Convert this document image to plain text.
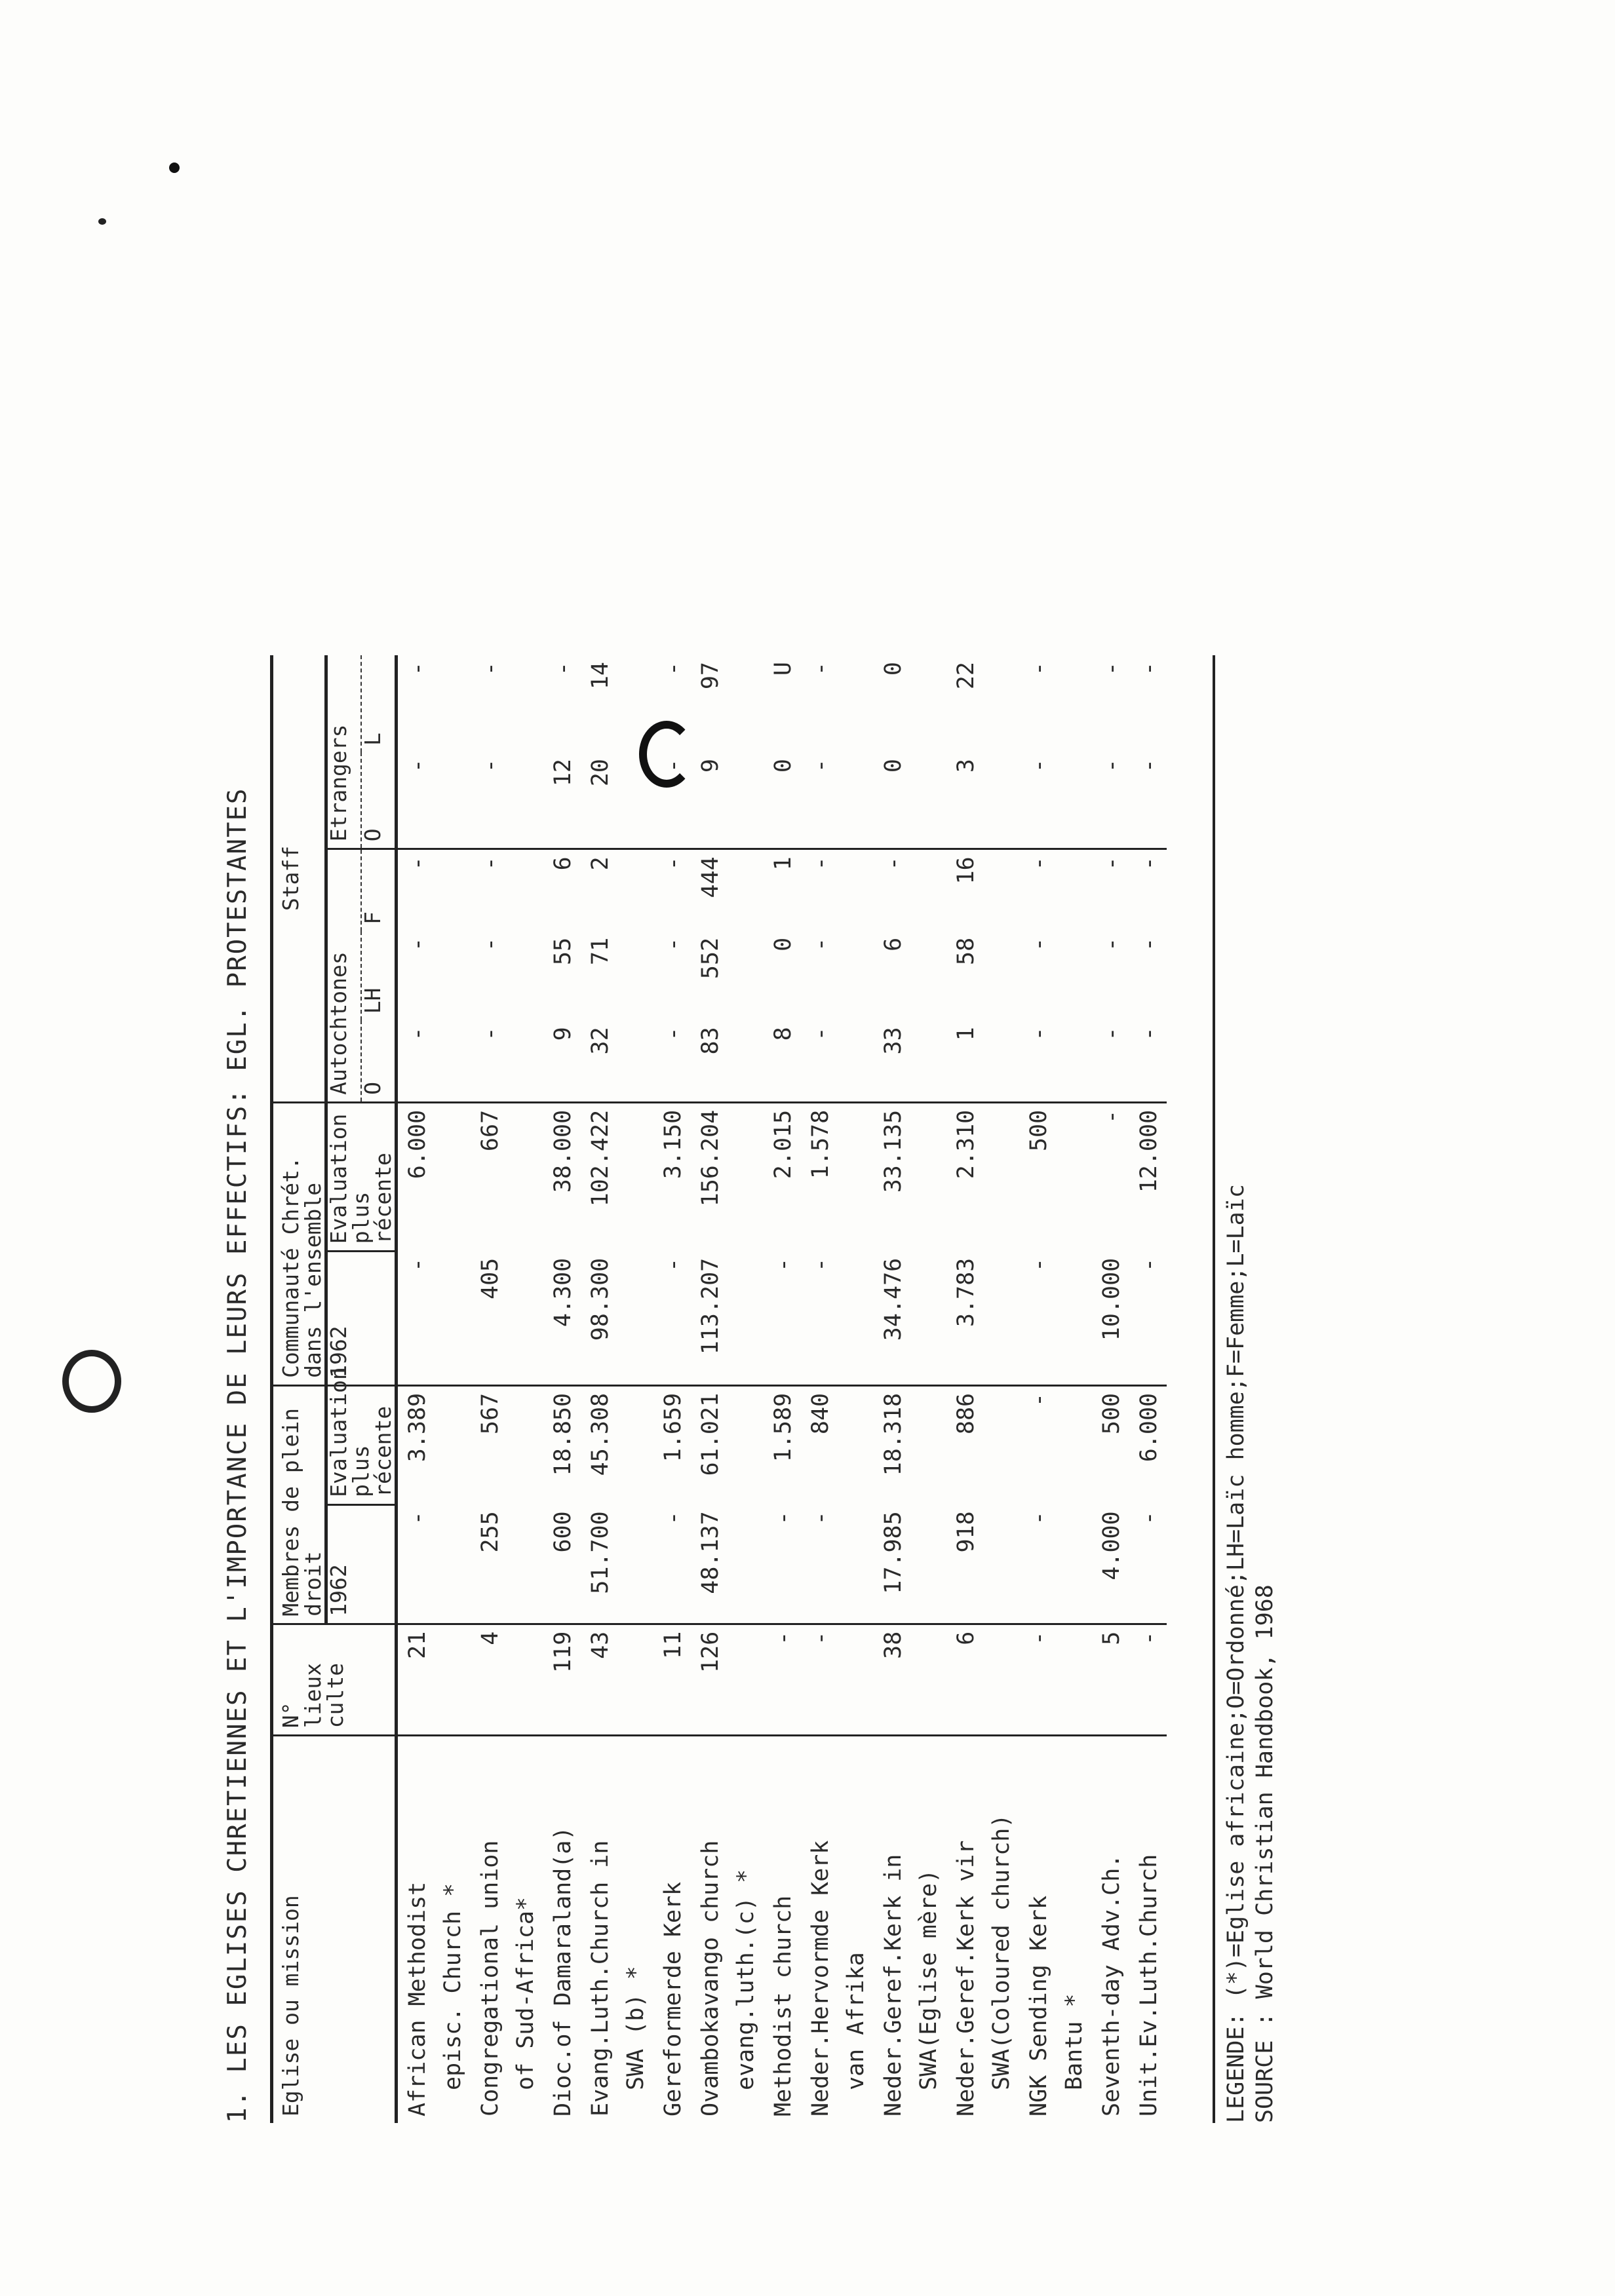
1. LES EGLISES CHRETIENNES ET L'IMPORTANCE DE LEURS EFFECTIFS: EGL. PROTESTANTES Eglise ou mission	N° lieux culte	Membres de plein droit		Communauté Chrét. dans l'ensemble		Staff				
		1962	Evaluation plus récente	1962	Evaluation plus récente	Autochtones			Etrangers	
						O	LH	F	O	L

African Methodist episc. Church *	21	-	3.389	-	6.000	-	-	-	-	-

Congregational union of Sud-Africa*	4	255	567	405	667	-	-	-	-	-

Dioc.of Damaraland(a)	119	600	18.850	4.300	38.000	9	55	6	12	-

Evang.Luth.Church in SWA (b) *	43	51.700	45.308	98.300	102.422	32	71	2	20	14

Gereformerde Kerk	11	-	1.659	-	3.150	-	-	-	-	-

Ovambokavango church evang.luth.(c) *	126	48.137	61.021	113.207	156.204	83	552	444	9	97

Methodist church	-	-	1.589	-	2.015	8	0	1	0	U

Neder.Hervormde Kerk van Afrika	-	-	840	-	1.578	-	-	-	-	-

Neder.Geref.Kerk in SWA(Eglise mère)	38	17.985	18.318	34.476	33.135	33	6	-	0	0

Neder.Geref.Kerk vir SWA(Coloured church)	6	918	886	3.783	2.310	1	58	16	3	22

NGK Sending Kerk Bantu *	-	-	-	-	500	-	-	-	-	-

Seventh-day Adv.Ch.	5	4.000	500	10.000	-	-	-	-	-	-

Unit.Ev.Luth.Church	-	-	6.000	-	12.000	-	-	-	-	-
LEGENDE: (*)=Eglise africaine;O=Ordonné;LH=Laïc homme;F=Femme;L=Laïc SOURCE : World Christian Handbook, 1968
